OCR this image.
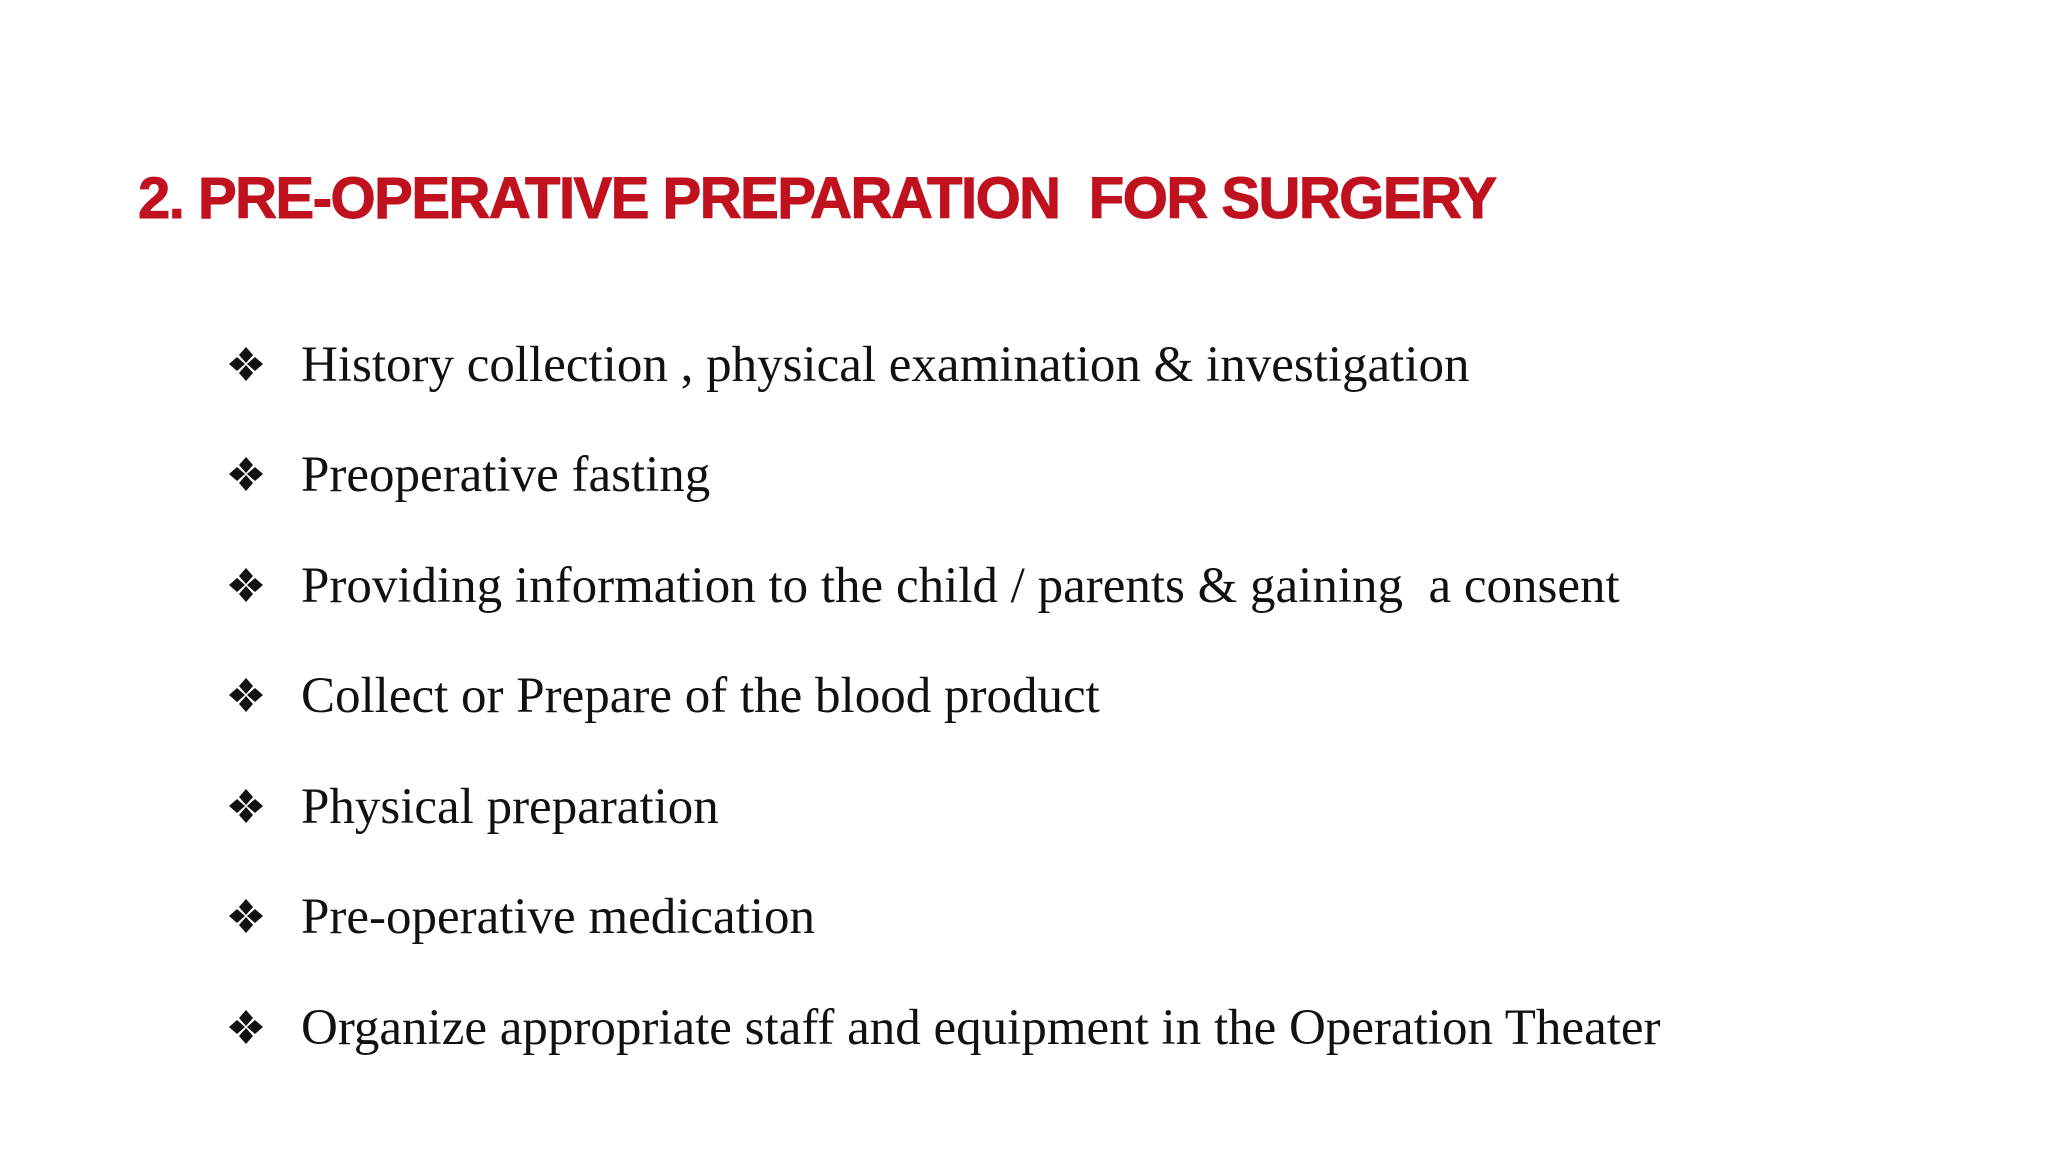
2. PRE-OPERATIVE PREPARATION  FOR SURGERY
History collection , physical examination & investigation
Preoperative fasting
Providing information to the child / parents & gaining  a consent
Collect or Prepare of the blood product
Physical preparation
Pre-operative medication
Organize appropriate staff and equipment in the Operation Theater
